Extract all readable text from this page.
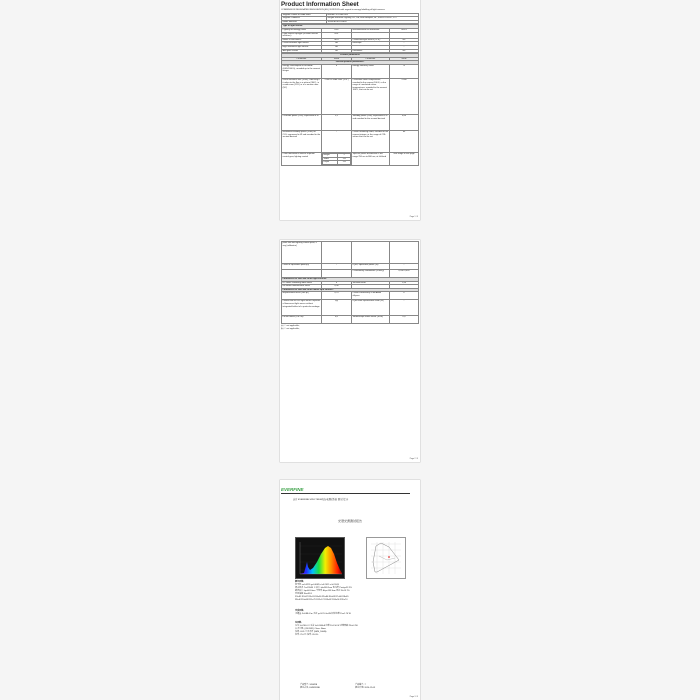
Product Information Sheet
COMMISSION DELEGATED REGULATION (EU) 2019/2015 with regard to energy labelling of light sources
Supplier's name or trade mark:	BRIGHTSTLIGHTING
Supplier's address:	Ningbo Hansuow Lighting Co., Ltd, Huai Hiaquan, NL, FLAT/DCGRST, 279
Model identifier:	SDWKBUSLPUHRB
Type of light source:			
Lighting technology used:	LED	Non-directional or directional:	NDLS
Light source cap-type (or other electric interface)	E14		
Mains or non-mains:	MLS	Connected light source (CLS):	No
Colour-tuneable light source:	No	Envelope:	-
High luminance light source:	No		-
Anti-glare shield:	No	Dimmable:	No
Product parameters
Parameter	Value	Parameter	Value
General product parameters:
Energy consumption in on-mode (kWh/1000 h), rounded up to the nearest integer	6	Energy efficiency class	G
Useful luminous flux (Φuse), indicating if it refers to the flux in a sphere (360°), in a wide cone (120°) or in a narrow cone (90°)	5 880 in Wide cone (120°)	Correlated colour temperature, rounded to the nearest 100 K, or the range of correlated colour temperatures, rounded to the nearest 100 K, that can be set	3 000
On-mode power (Pon), expressed in W	5,5	Standby power (Psb), expressed in W and rounded to the second decimal	0,00
Networked standby power (Pnet) for CLS, expressed in W and rounded to the second decimal	-	Colour rendering index, rounded to the nearest integer, or the range of CRI-values that can be set	80
Outer dimensions without separate control gear, lighting control	
Height	2
Width	115
Depth	115
	Spectral power distribution in the range 250 nm to 800 nm, at full-load	See image in last page
Page 1 / 3
parts and non-lighting control parts, if any (millimetre)			
Claim of equivalent power(a)	-	If yes, equivalent power (W)	-
		Chromaticity coordinates (x and y)	0,430 0,409
Parameters for LED and OLED light sources:			
R9 colour rendering index value	6	Survival factor	1,00
the lumen maintenance factor	0,96		
Parameters for LED and OLED mains light sources:			
displacement factor (cos φ1)	0,70	Colour consistency in McAdam ellipses	6
Claims that an LED light source replaces a fluorescent light source without integrated ballast of a particular wattage.	-(b)	If yes then replacement claim (W)	-
Flicker metric (Pst LM)	0,0	Stroboscopic effect metric (SVM)	0,0
(a) '-': not applicable;
(b) '-': not applicable;
Page 2 / 3
EVERFINE
远方 EVERFINE SPECTRUM光色电测试系统 测 试 报 告
光谱光源测试报告
颜色参数:
色坐标 x=0.4295 y=0.4085 u'=0.2415 v'=0.5169
相关色温 Tc=2994K 主波长 λd=583.5nm 色纯度 Purity=52.2%
峰值波长 λp=601.0nm 半宽度 Δλp=135.3nm 色比 R=19.7%
显色指数 Ra=81.8
R1=81 R2=87 R3=93 R4=80 R5=80 R6=83 R7=86 R8=65
R9=6 R10=68 R11=79 R12=57 R13=82 R14=96 R15=74
光度参数:
光通量 Φ=588.0 lm 光效 η=107.0 lm/W 辐射功率 Pe=1.76 W
电参数:
电压 U=230.0 V 电流 I=0.0340 A 功率 P=5.50 W 功率因数 PF=0.700
白光分级: (CIE1931) Class: None
仪器: LED 分光光谱 (SMS_500/A)
温度: 25.4℃ 湿度: 65.0%
产品型号: SDWKB	产品编号: 7
测试人员: EVERFINE	测试日期: 2020-12-03
Page 3 / 3
